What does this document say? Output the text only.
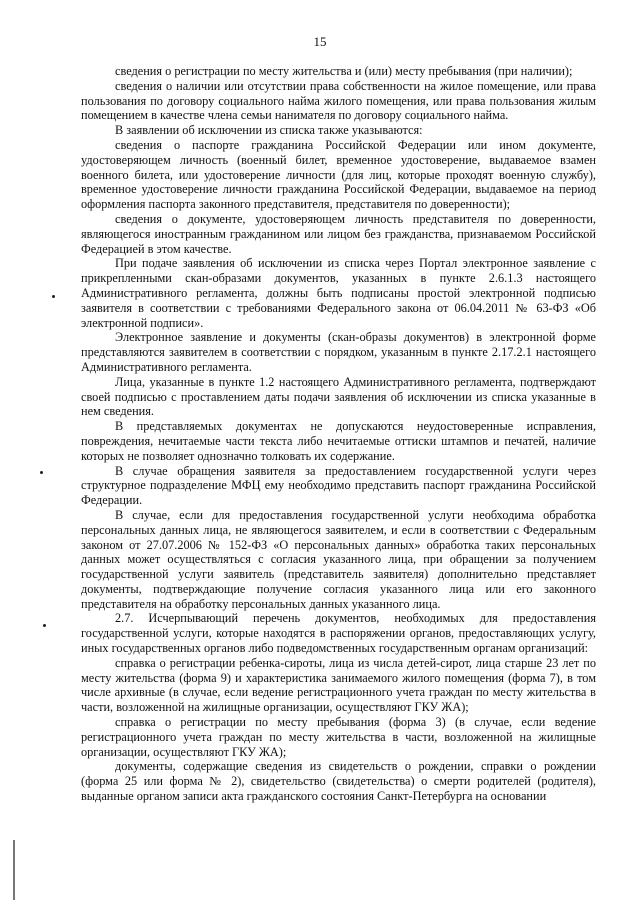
15

сведения о регистрации по месту жительства и (или) месту пребывания (при наличии);

сведения о наличии или отсутствии права собственности на жилое помещение, или права пользования по договору социального найма жилого помещения, или права пользования жилым помещением в качестве члена семьи нанимателя по договору социального найма.

В заявлении об исключении из списка также указываются:

сведения о паспорте гражданина Российской Федерации или ином документе, удостоверяющем личность (военный билет, временное удостоверение, выдаваемое взамен военного билета, или удостоверение личности (для лиц, которые проходят военную службу), временное удостоверение личности гражданина Российской Федерации, выдаваемое на период оформления паспорта законного представителя, представителя по доверенности);

сведения о документе, удостоверяющем личность представителя по доверенности, являющегося иностранным гражданином или лицом без гражданства, признаваемом Российской Федерацией в этом качестве.

При подаче заявления об исключении из списка через Портал электронное заявление с прикрепленными скан-образами документов, указанных в пункте 2.6.1.3 настоящего Административного регламента, должны быть подписаны простой электронной подписью заявителя в соответствии с требованиями Федерального закона от 06.04.2011 № 63-ФЗ «Об электронной подписи».

Электронное заявление и документы (скан-образы документов) в электронной форме представляются заявителем в соответствии с порядком, указанным в пункте 2.17.2.1 настоящего Административного регламента.

Лица, указанные в пункте 1.2 настоящего Административного регламента, подтверждают своей подписью с проставлением даты подачи заявления об исключении из списка указанные в нем сведения.

В представляемых документах не допускаются неудостоверенные исправления, повреждения, нечитаемые части текста либо нечитаемые оттиски штампов и печатей, наличие которых не позволяет однозначно толковать их содержание.

В случае обращения заявителя за предоставлением государственной услуги через структурное подразделение МФЦ ему необходимо представить паспорт гражданина Российской Федерации.

В случае, если для предоставления государственной услуги необходима обработка персональных данных лица, не являющегося заявителем, и если в соответствии с Федеральным законом от 27.07.2006 № 152-ФЗ «О персональных данных» обработка таких персональных данных может осуществляться с согласия указанного лица, при обращении за получением государственной услуги заявитель (представитель заявителя) дополнительно представляет документы, подтверждающие получение согласия указанного лица или его законного представителя на обработку персональных данных указанного лица.

2.7. Исчерпывающий перечень документов, необходимых для предоставления государственной услуги, которые находятся в распоряжении органов, предоставляющих услугу, иных государственных органов либо подведомственных государственным органам организаций:

справка о регистрации ребенка-сироты, лица из числа детей-сирот, лица старше 23 лет по месту жительства (форма 9) и характеристика занимаемого жилого помещения (форма 7), в том числе архивные (в случае, если ведение регистрационного учета граждан по месту жительства в части, возложенной на жилищные организации, осуществляют ГКУ ЖА);

справка о регистрации по месту пребывания (форма 3) (в случае, если ведение регистрационного учета граждан по месту жительства в части, возложенной на жилищные организации, осуществляют ГКУ ЖА);

документы, содержащие сведения из свидетельств о рождении, справки о рождении (форма 25 или форма № 2), свидетельство (свидетельства) о смерти родителей (родителя), выданные органом записи акта гражданского состояния Санкт-Петербурга на основании
